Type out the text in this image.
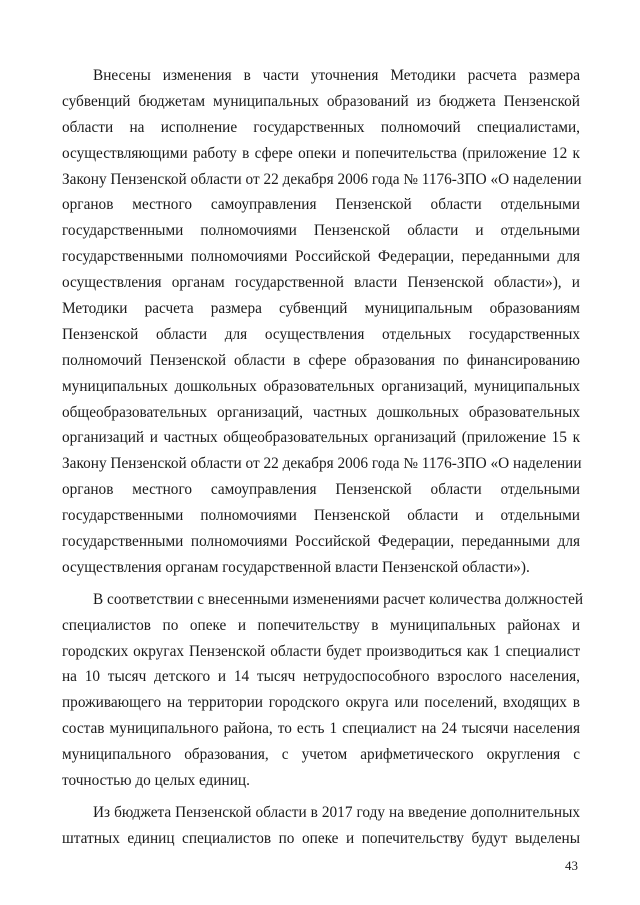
Внесены изменения в части уточнения Методики расчета размера
субвенций бюджетам муниципальных образований из бюджета Пензенской
области на исполнение государственных полномочий специалистами,
осуществляющими работу в сфере опеки и попечительства (приложение 12 к
Закону Пензенской области от 22 декабря 2006 года № 1176-ЗПО «О наделении
органов местного самоуправления Пензенской области отдельными
государственными полномочиями Пензенской области и отдельными
государственными полномочиями Российской Федерации, переданными для
осуществления органам государственной власти Пензенской области»), и
Методики расчета размера субвенций муниципальным образованиям
Пензенской области для осуществления отдельных государственных
полномочий Пензенской области в сфере образования по финансированию
муниципальных дошкольных образовательных организаций, муниципальных
общеобразовательных организаций, частных дошкольных образовательных
организаций и частных общеобразовательных организаций (приложение 15 к
Закону Пензенской области от 22 декабря 2006 года № 1176-ЗПО «О наделении
органов местного самоуправления Пензенской области отдельными
государственными полномочиями Пензенской области и отдельными
государственными полномочиями Российской Федерации, переданными для
осуществления органам государственной власти Пензенской области»).
В соответствии с внесенными изменениями расчет количества должностей
специалистов по опеке и попечительству в муниципальных районах и
городских округах Пензенской области будет производиться как 1 специалист
на 10 тысяч детского и 14 тысяч нетрудоспособного взрослого населения,
проживающего на территории городского округа или поселений, входящих в
состав муниципального района, то есть 1 специалист на 24 тысячи населения
муниципального образования, с учетом арифметического округления с
точностью до целых единиц.
Из бюджета Пензенской области в 2017 году на введение дополнительных
штатных единиц специалистов по опеке и попечительству будут выделены
43
